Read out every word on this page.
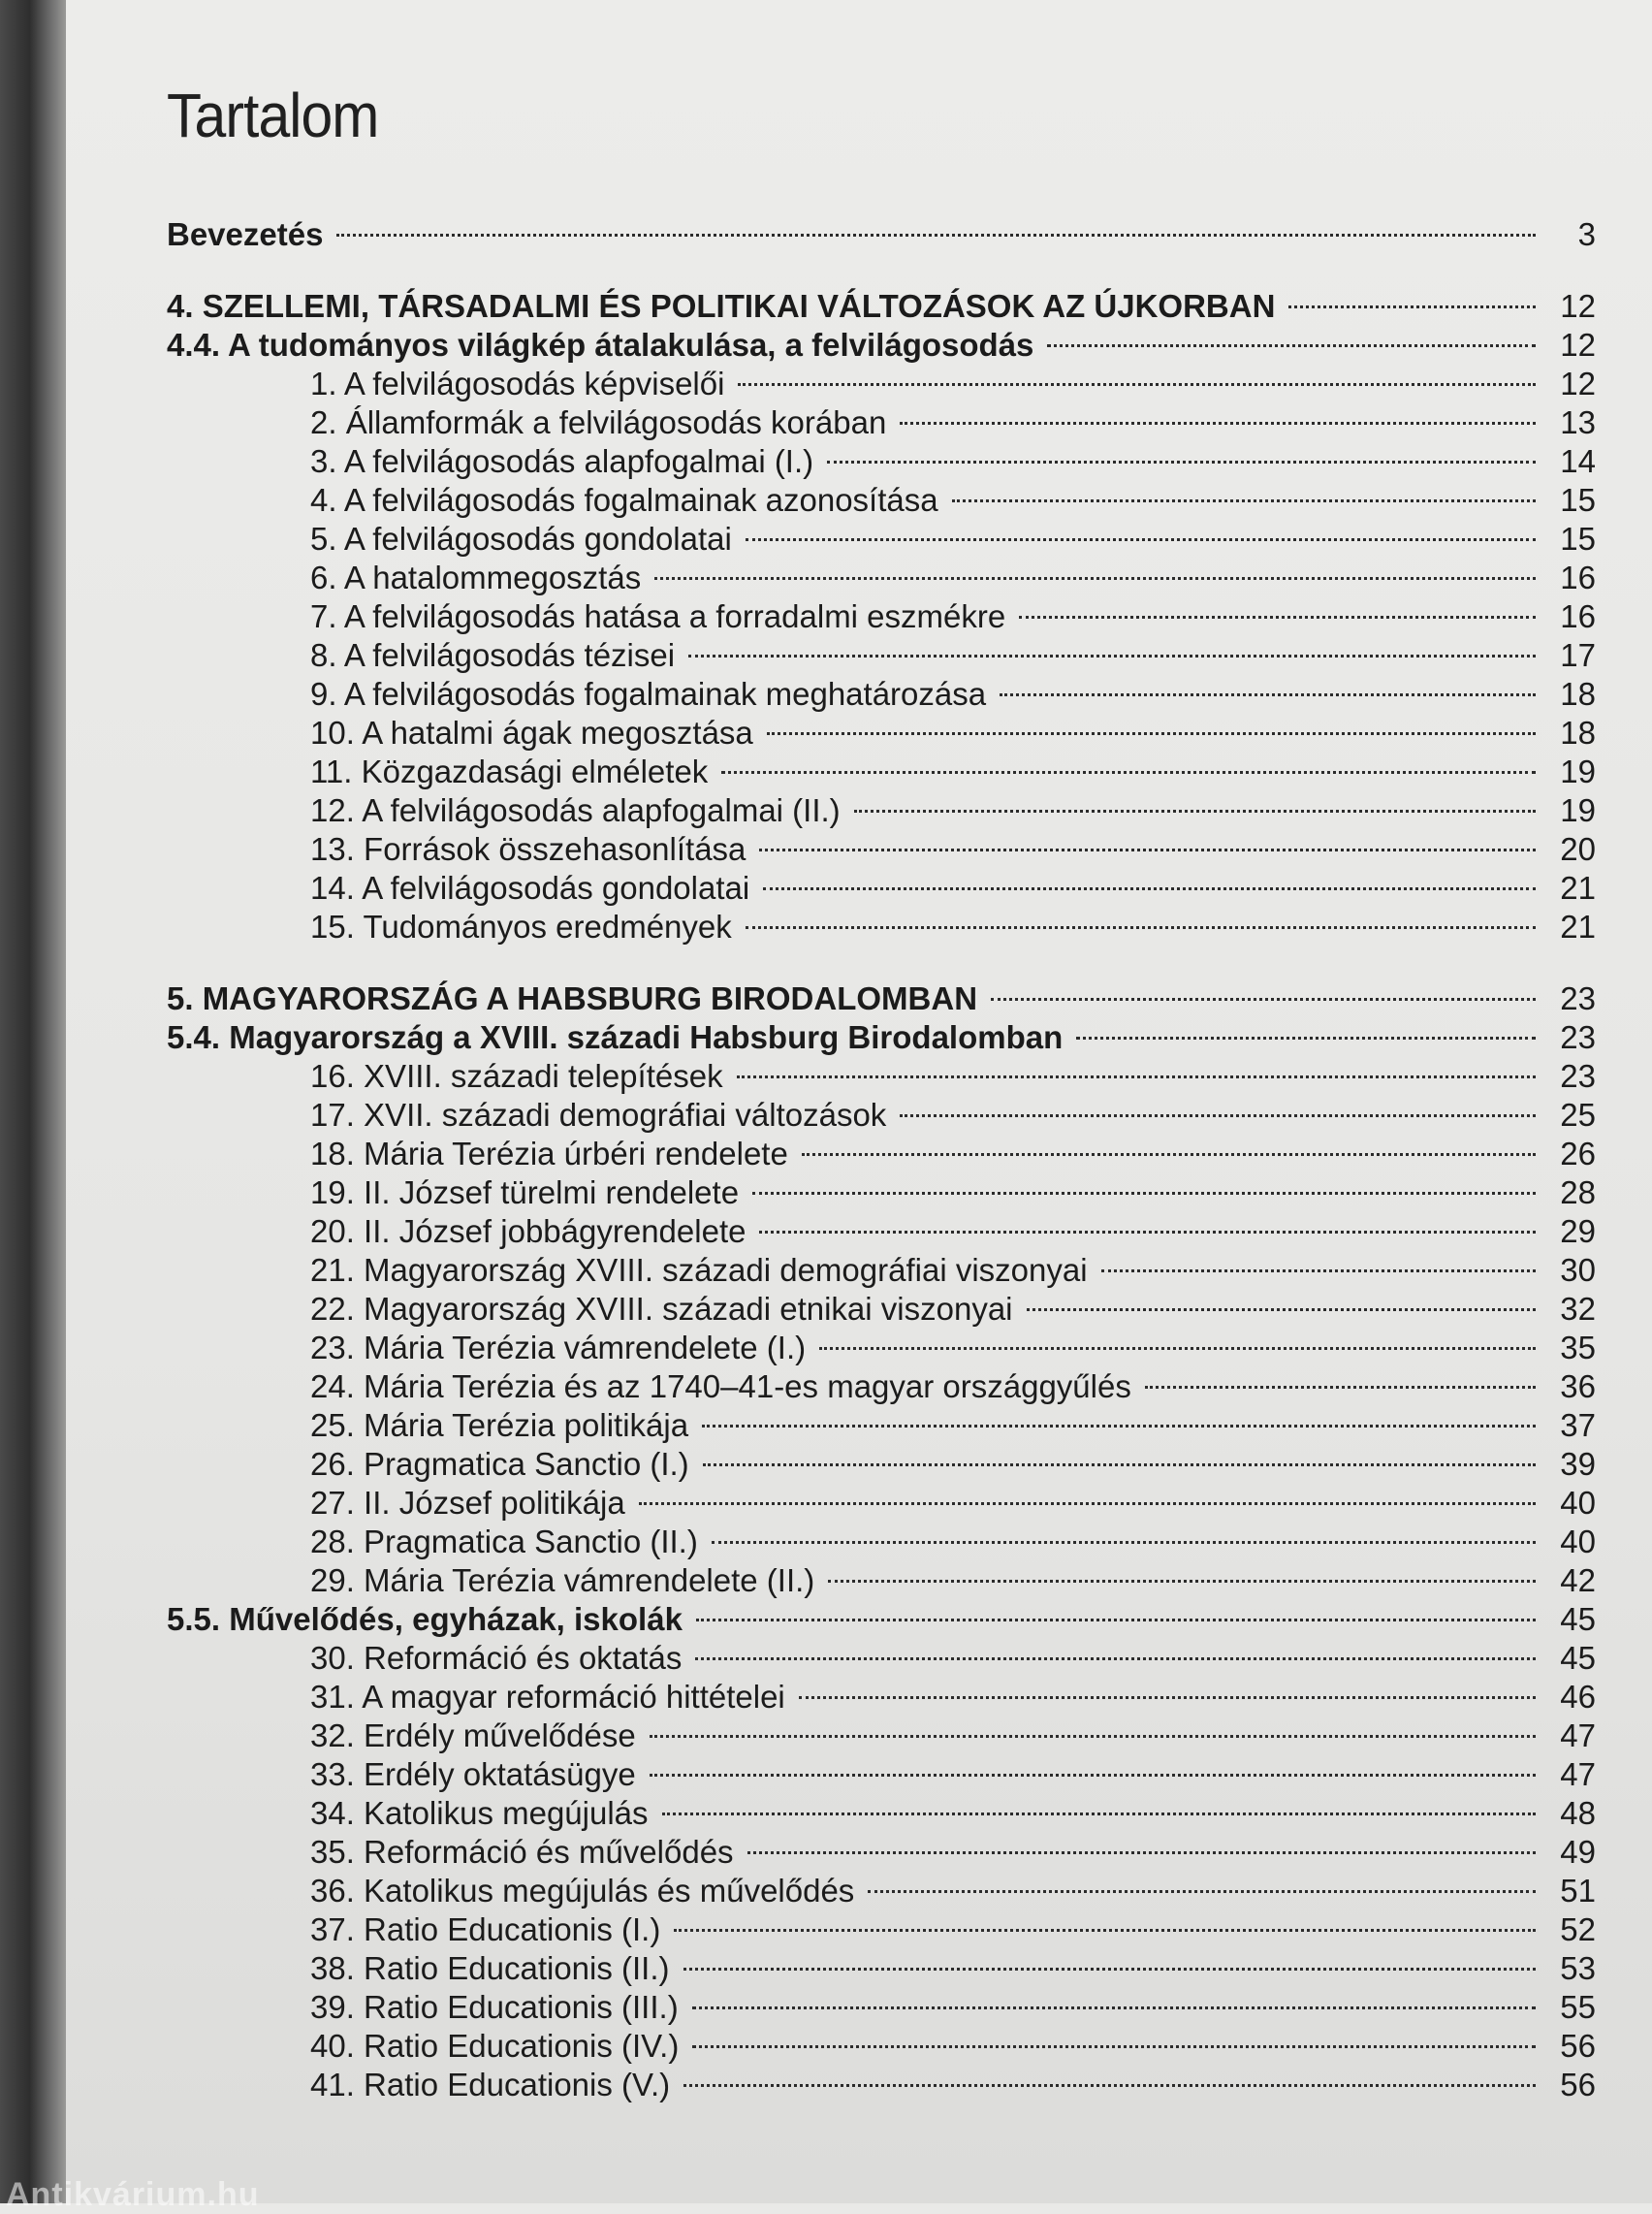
Tartalom
Bevezetés	3
4. SZELLEMI, TÁRSADALMI ÉS POLITIKAI VÁLTOZÁSOK AZ ÚJKORBAN	12
4.4. A tudományos világkép átalakulása, a felvilágosodás	12
1. A felvilágosodás képviselői	12
2. Államformák a felvilágosodás korában	13
3. A felvilágosodás alapfogalmai (I.)	14
4. A felvilágosodás fogalmainak azonosítása	15
5. A felvilágosodás gondolatai	15
6. A hatalommegosztás	16
7. A felvilágosodás hatása a forradalmi eszmékre	16
8. A felvilágosodás tézisei	17
9. A felvilágosodás fogalmainak meghatározása	18
10. A hatalmi ágak megosztása	18
11. Közgazdasági elméletek	19
12. A felvilágosodás alapfogalmai (II.)	19
13. Források összehasonlítása	20
14. A felvilágosodás gondolatai	21
15. Tudományos eredmények	21
5. MAGYARORSZÁG A HABSBURG BIRODALOMBAN	23
5.4. Magyarország a XVIII. századi Habsburg Birodalomban	23
16. XVIII. századi telepítések	23
17. XVII. századi demográfiai változások	25
18. Mária Terézia úrbéri rendelete	26
19. II. József türelmi rendelete	28
20. II. József jobbágyrendelete	29
21. Magyarország XVIII. századi demográfiai viszonyai	30
22. Magyarország XVIII. századi etnikai viszonyai	32
23. Mária Terézia vámrendelete (I.)	35
24. Mária Terézia és az 1740–41-es magyar országgyűlés	36
25. Mária Terézia politikája	37
26. Pragmatica Sanctio (I.)	39
27. II. József politikája	40
28. Pragmatica Sanctio (II.)	40
29. Mária Terézia vámrendelete (II.)	42
5.5. Művelődés, egyházak, iskolák	45
30. Reformáció és oktatás	45
31. A magyar reformáció hittételei	46
32. Erdély művelődése	47
33. Erdély oktatásügye	47
34. Katolikus megújulás	48
35. Reformáció és művelődés	49
36. Katolikus megújulás és művelődés	51
37. Ratio Educationis (I.)	52
38. Ratio Educationis (II.)	53
39. Ratio Educationis (III.)	55
40. Ratio Educationis (IV.)	56
41. Ratio Educationis (V.)	56
Antikvárium.hu
